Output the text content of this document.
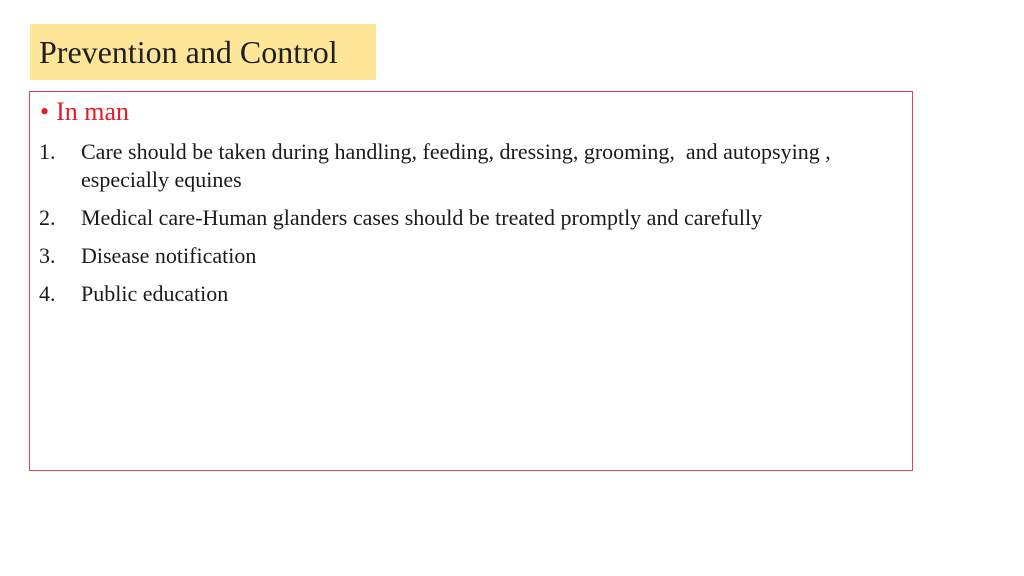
Prevention and Control
• In man
1.	Care should be taken during handling, feeding, dressing, grooming,  and autopsying , especially equines
2.	Medical care-Human glanders cases should be treated promptly and carefully
3.	Disease notification
4.	Public education
